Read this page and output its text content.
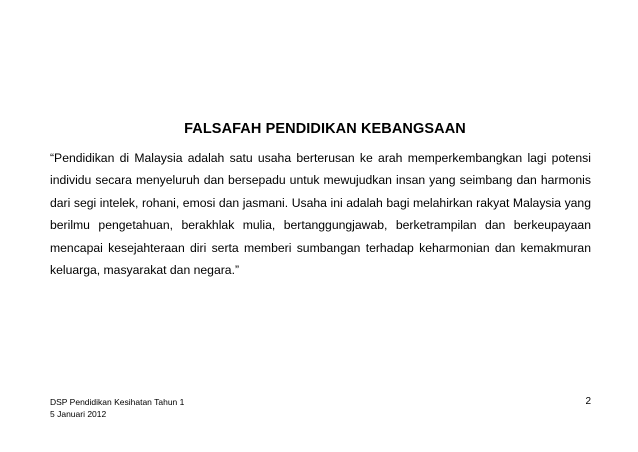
FALSAFAH PENDIDIKAN KEBANGSAAN
“Pendidikan di Malaysia adalah satu usaha berterusan ke arah memperkembangkan lagi potensi
individu secara menyeluruh dan bersepadu untuk mewujudkan insan yang seimbang dan harmonis
dari segi intelek, rohani, emosi dan jasmani. Usaha ini adalah bagi melahirkan rakyat Malaysia yang
berilmu pengetahuan, berakhlak mulia, bertanggungjawab, berketrampilan dan berkeupayaan
mencapai kesejahteraan diri serta memberi sumbangan terhadap keharmonian dan kemakmuran
keluarga, masyarakat dan negara.”
DSP Pendidikan Kesihatan Tahun 1
5 Januari 2012
2
